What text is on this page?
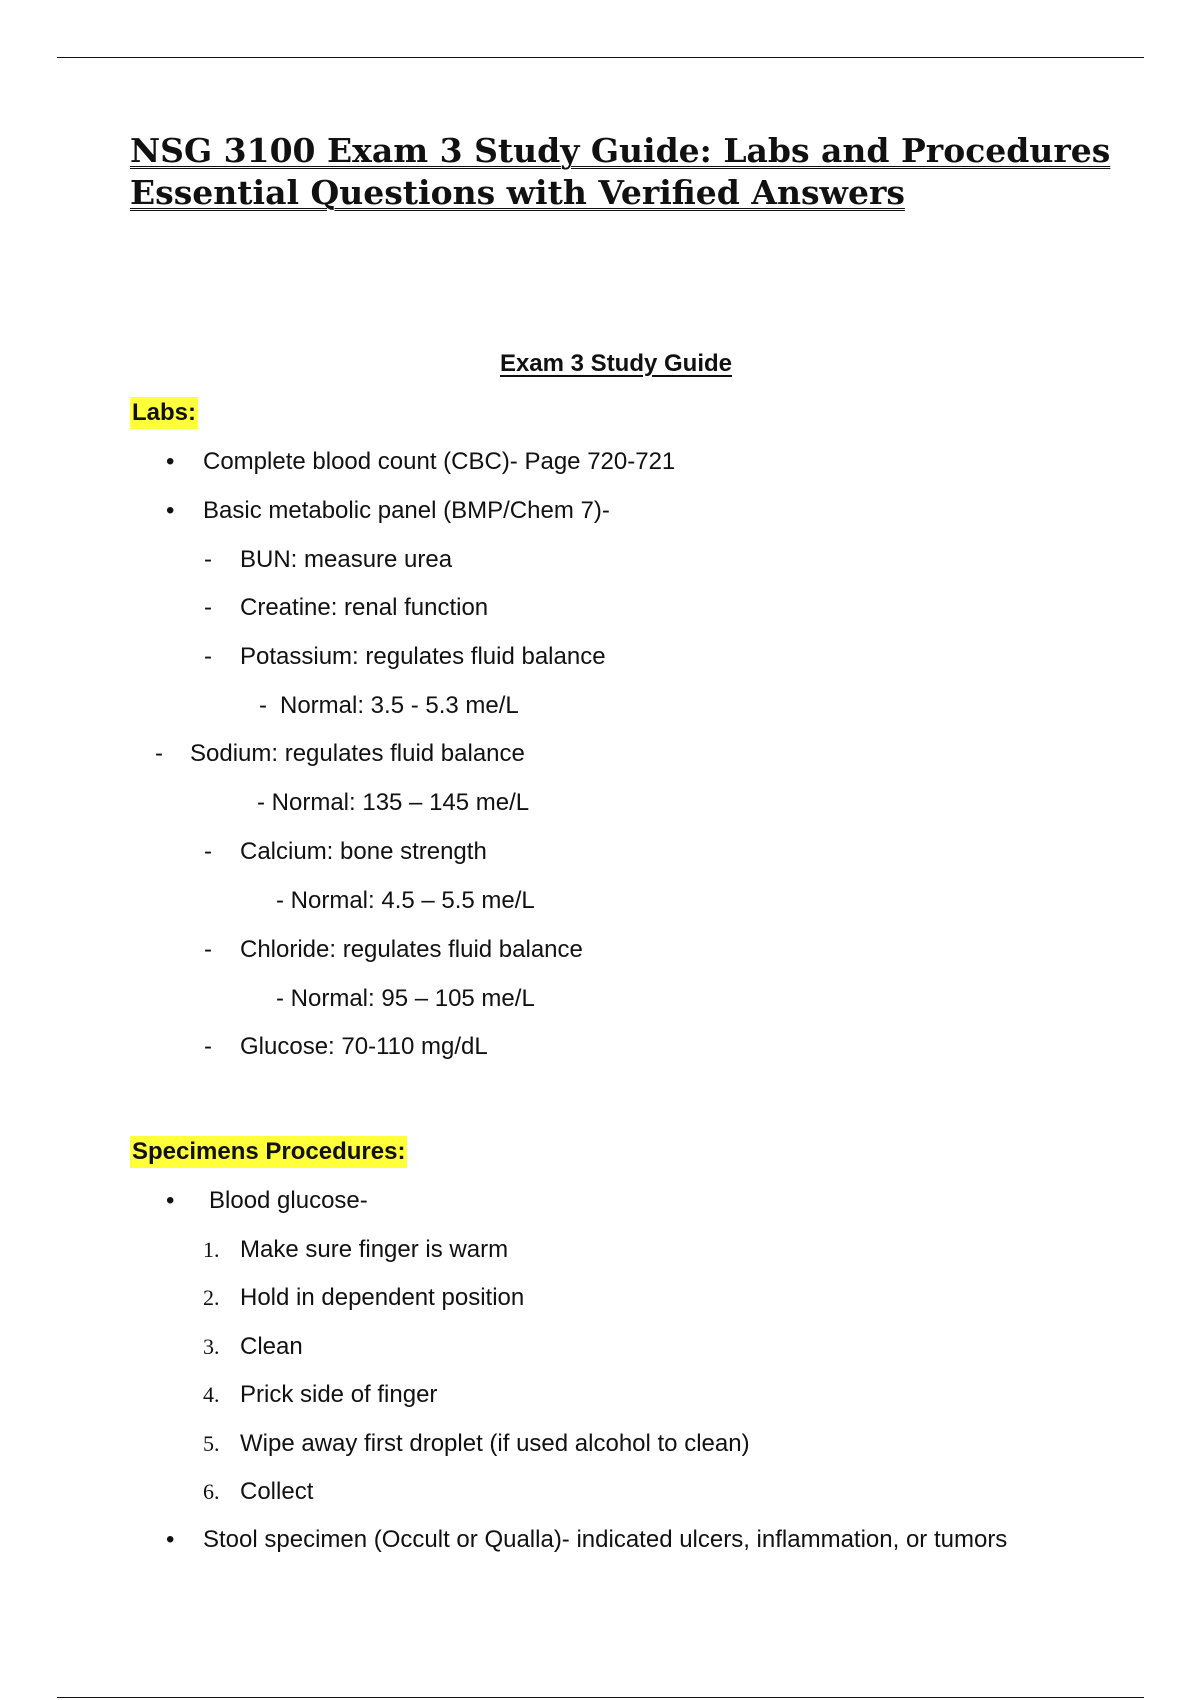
NSG 3100 Exam 3 Study Guide: Labs and Procedures Essential Questions with Verified Answers
Exam 3 Study Guide
Labs:
• Complete blood count (CBC)- Page 720-721
• Basic metabolic panel (BMP/Chem 7)-
- BUN: measure urea
- Creatine: renal function
- Potassium: regulates fluid balance
- Normal: 3.5 - 5.3 me/L
- Sodium: regulates fluid balance
- Normal: 135 – 145 me/L
- Calcium: bone strength
- Normal: 4.5 – 5.5 me/L
- Chloride: regulates fluid balance
- Normal: 95 – 105 me/L
- Glucose: 70-110 mg/dL
Specimens Procedures:
• Blood glucose-
1. Make sure finger is warm
2. Hold in dependent position
3. Clean
4. Prick side of finger
5. Wipe away first droplet (if used alcohol to clean)
6. Collect
• Stool specimen (Occult or Qualla)- indicated ulcers, inflammation, or tumors
